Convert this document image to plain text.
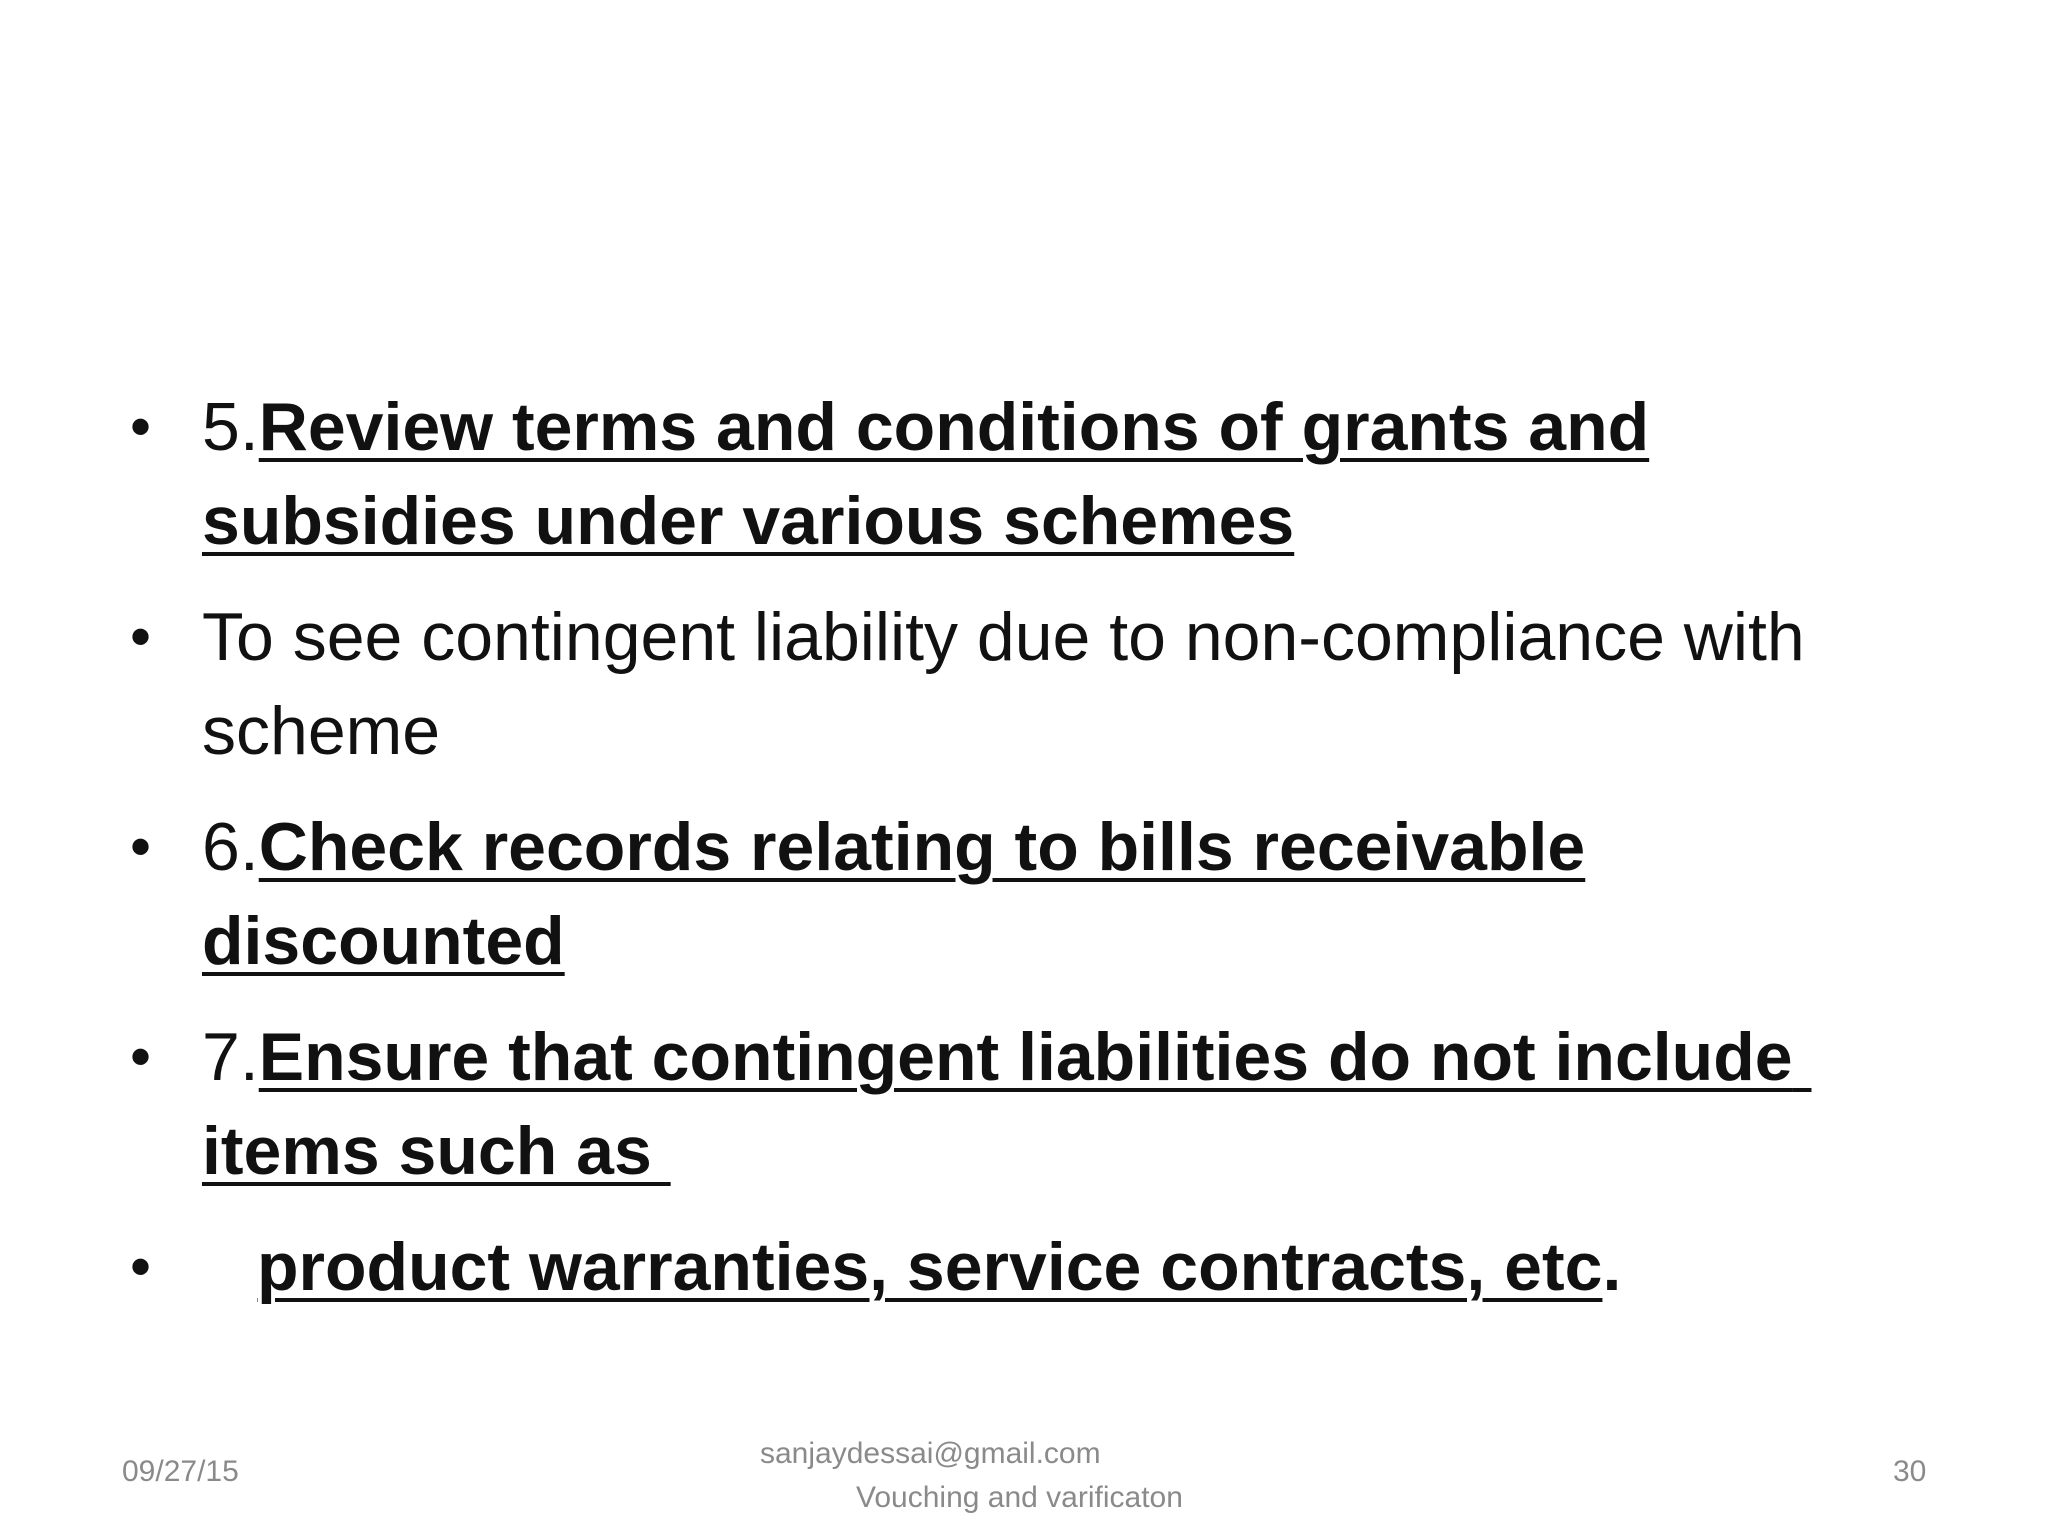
• 5.Review terms and conditions of grants and subsidies under various schemes
• To see contingent liability due to non-compliance with scheme
• 6.Check records relating to bills receivable discounted
• 7.Ensure that contingent liabilities do not include items such as
• product warranties, service contracts, etc.
09/27/15
sanjaydessai@gmail.com
Vouching and varificaton
30
